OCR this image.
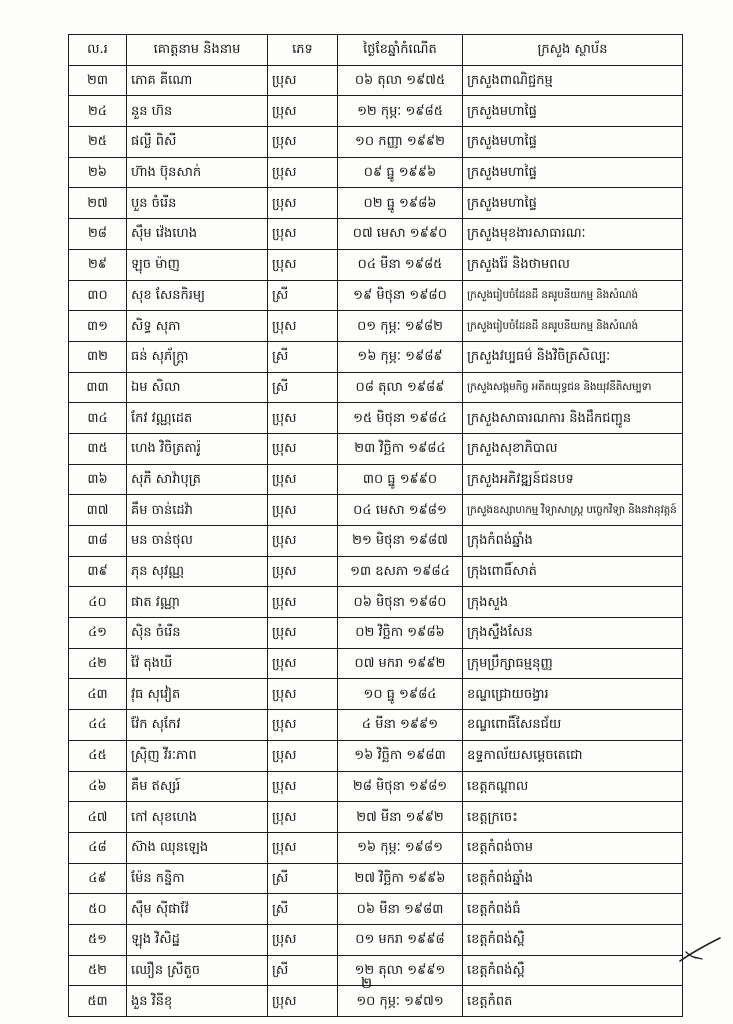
ល.រ	គោត្តនាម និងនាម	ភេទ	ថ្ងៃខែឆ្នាំកំណើត	ក្រសួង ស្ថាប័ន
២៣	ភោគ គីណោ	ប្រុស	០៦ តុលា ១៩៧៥	ក្រសួងពាណិជ្ជកម្ម
២៤	នួន ហ៊ន	ប្រុស	១២ កុម្ភៈ ១៩៨៥	ក្រសួងមហាផ្ទៃ
២៥	ផល្លី ពិសី	ប្រុស	១០ កញ្ញា ១៩៩២	ក្រសួងមហាផ្ទៃ
២៦	ហ៊ាង ប៊ុនសាក់	ប្រុស	០៩ ធ្នូ ១៩៩៦	ក្រសួងមហាផ្ទៃ
២៧	បួន ចំរើន	ប្រុស	០២ ធ្នូ ១៩៨៦	ក្រសួងមហាផ្ទៃ
២៨	ស៊ឹម វ៉េងហេង	ប្រុស	០៧ មេសា ១៩៩០	ក្រសួងមុខងារសាធារណៈ
២៩	ឡុច ម៉ាញ	ប្រុស	០៤ មីនា ១៩៨៥	ក្រសួងរ៉ែ និងថាមពល
៣០	សុខ សែនកិរម្យ	ស្រី	១៩ មិថុនា ១៩៨០	ក្រសួងរៀបចំដែនដី នគរូបនីយកម្ម និងសំណង់
៣១	សិទ្ធ សុភា	ប្រុស	០១ កុម្ភៈ ១៩៨២	ក្រសួងរៀបចំដែនដី នគរូបនីយកម្ម និងសំណង់
៣២	ធន់ សុភ័ក្ត្រា	ស្រី	១៦ កុម្ភៈ ១៩៨៩	ក្រសួងវប្បធម៌ និងវិចិត្រសិល្បៈ
៣៣	ឯម សិលា	ស្រី	០៨ តុលា ១៩៨៩	ក្រសួងសង្គមកិច្ច អតីតយុទ្ធជន និងយុវនីតិសម្បទា
៣៤	កែវ វណ្ណដេត	ប្រុស	១៥ មិថុនា ១៩៨៤	ក្រសួងសាធារណការ និងដឹកជញ្ជូន
៣៥	ហេង វិចិត្រតារ៉ូ	ប្រុស	២៣ វិច្ឆិកា ១៩៨៤	ក្រសួងសុខាភិបាល
៣៦	សុភី សាវ៉ាបុត្រ	ប្រុស	៣០ ធ្នូ ១៩៩០	ក្រសួងអភិវឌ្ឍន៍ជនបទ
៣៧	គឹម ចាន់ដេវ៉ា	ប្រុស	០៤ មេសា ១៩៨១	ក្រសួងឧស្សាហកម្ម វិទ្យាសាស្ត្រ បច្ចេកវិទ្យា និងនវានុវត្តន៍
៣៨	មន ចាន់ថុល	ប្រុស	២១ មិថុនា ១៩៨៧	ក្រុងកំពង់ឆ្នាំង
៣៩	ភុន សុវណ្ណ	ប្រុស	១៣ ឧសភា ១៩៨៤	ក្រុងពោធិ៍សាត់
៤០	ផាត វណ្ណា	ប្រុស	០៦ មិថុនា ១៩៨០	ក្រុងសួង
៤១	ស៊ិន ចំរើន	ប្រុស	០២ វិច្ឆិកា ១៩៨៦	ក្រុងស្ទឹងសែន
៤២	វ៉ៃ តុងឃី	ប្រុស	០៧ មករា ១៩៩២	ក្រុមប្រឹក្សាធម្មនុញ្ញ
៤៣	វុធ សុវៀត	ប្រុស	១០ ធ្នូ ១៩៨៤	ខណ្ឌជ្រោយចង្វារ
៤៤	វ៉ែក សុកែវ	ប្រុស	៤ មីនា ១៩៩១	ខណ្ឌពោធិ៍សែនជ័យ
៤៥	ស្រ៊ិញ វីរៈភាព	ប្រុស	១៦ វិច្ឆិកា ១៩៨៣	ឧទ្ទកាល័យសម្តេចតេជោ
៤៦	គឹម ឥស្សរ៍	ប្រុស	២៨ មិថុនា ១៩៨១	ខេត្តកណ្តាល
៤៧	កៅ សុខហេង	ប្រុស	២៧ មីនា ១៩៩២	ខេត្តក្រចេះ
៤៨	ស៊ាង ឈុនឡេង	ប្រុស	១៦ កុម្ភៈ ១៩៨១	ខេត្តកំពង់ចាម
៤៩	ម៉ែន កន្និកា	ស្រី	២៧ វិច្ឆិកា ១៩៩៦	ខេត្តកំពង់ឆ្នាំង
៥០	ស៊ឹម ស៊ីផាវ៉ែ	ស្រី	០៦ មីនា ១៩៨៣	ខេត្តកំពង់ធំ
៥១	ឡុង វិសិដ្ឋ	ប្រុស	០១ មករា ១៩៩៨	ខេត្តកំពង់ស្ពឺ
៥២	ឈឿន ស្រីតួច	ស្រី	១២ តុលា ១៩៩១	ខេត្តកំពង់ស្ពឺ
៥៣	ងួន វិនីខុ	ប្រុស	១០ កុម្ភៈ ១៩៧១	ខេត្តកំពត
២
